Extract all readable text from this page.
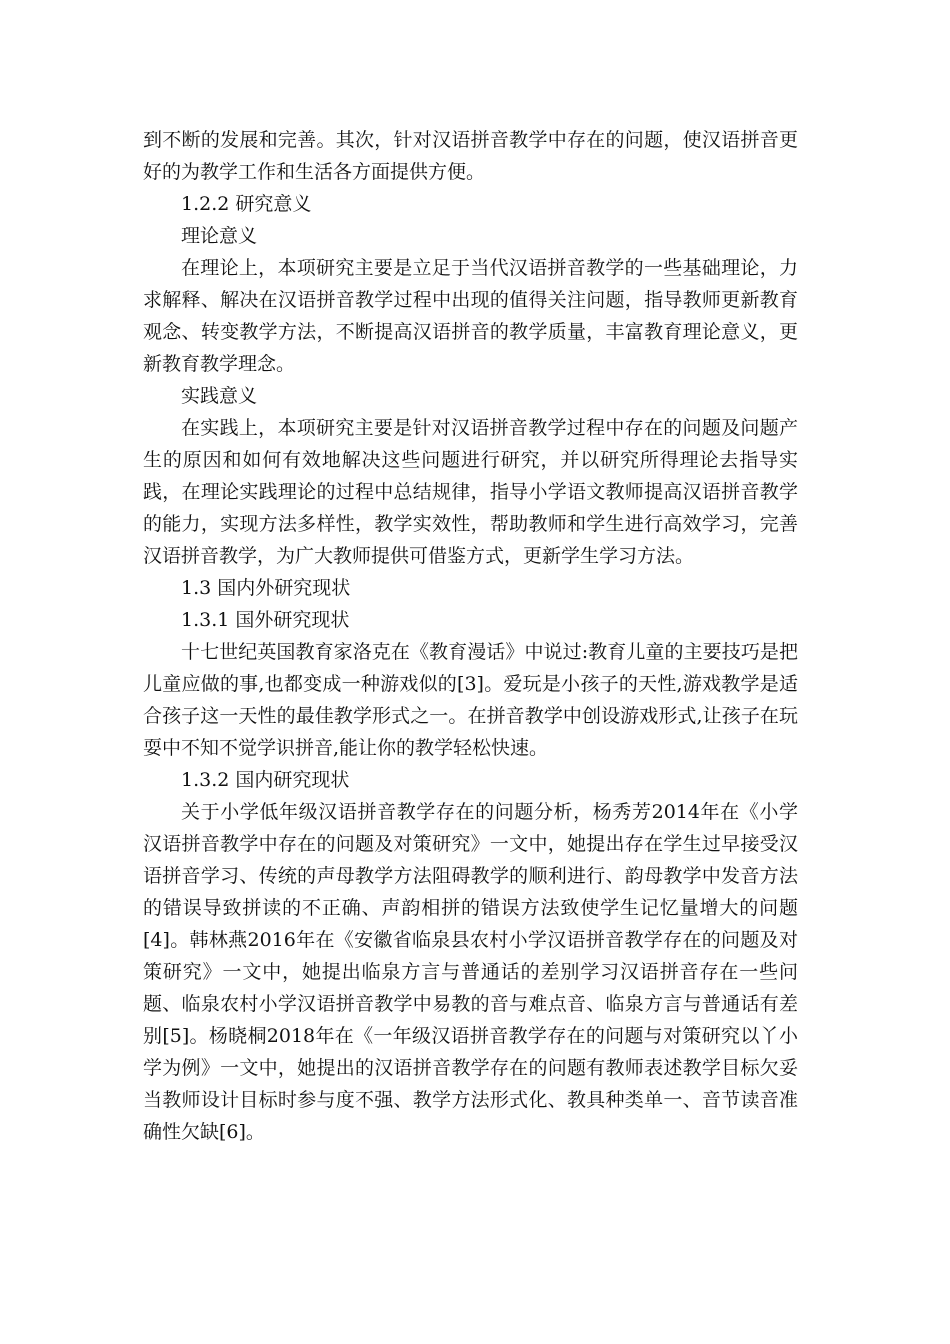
到不断的发展和完善。其次，针对汉语拼音教学中存在的问题，使汉语拼音更好的为教学工作和生活各方面提供方便。

1.2.2 研究意义

理论意义

在理论上，本项研究主要是立足于当代汉语拼音教学的一些基础理论，力求解释、解决在汉语拼音教学过程中出现的值得关注问题，指导教师更新教育观念、转变教学方法，不断提高汉语拼音的教学质量，丰富教育理论意义，更新教育教学理念。

实践意义

在实践上，本项研究主要是针对汉语拼音教学过程中存在的问题及问题产生的原因和如何有效地解决这些问题进行研究，并以研究所得理论去指导实践，在理论实践理论的过程中总结规律，指导小学语文教师提高汉语拼音教学的能力，实现方法多样性，教学实效性，帮助教师和学生进行高效学习，完善汉语拼音教学，为广大教师提供可借鉴方式，更新学生学习方法。

1.3 国内外研究现状

1.3.1 国外研究现状

十七世纪英国教育家洛克在《教育漫话》中说过:教育儿童的主要技巧是把儿童应做的事,也都变成一种游戏似的[3]。爱玩是小孩子的天性,游戏教学是适合孩子这一天性的最佳教学形式之一。在拼音教学中创设游戏形式,让孩子在玩耍中不知不觉学识拼音,能让你的教学轻松快速。

1.3.2 国内研究现状

关于小学低年级汉语拼音教学存在的问题分析，杨秀芳2014年在《小学汉语拼音教学中存在的问题及对策研究》一文中，她提出存在学生过早接受汉语拼音学习、传统的声母教学方法阻碍教学的顺利进行、韵母教学中发音方法的错误导致拼读的不正确、声韵相拼的错误方法致使学生记忆量增大的问题[4]。韩林燕2016年在《安徽省临泉县农村小学汉语拼音教学存在的问题及对策研究》一文中，她提出临泉方言与普通话的差别学习汉语拼音存在一些问题、临泉农村小学汉语拼音教学中易教的音与难点音、临泉方言与普通话有差别[5]。杨晓桐2018年在《一年级汉语拼音教学存在的问题与对策研究以丫小学为例》一文中，她提出的汉语拼音教学存在的问题有教师表述教学目标欠妥当教师设计目标时参与度不强、教学方法形式化、教具种类单一、音节读音准确性欠缺[6]。
